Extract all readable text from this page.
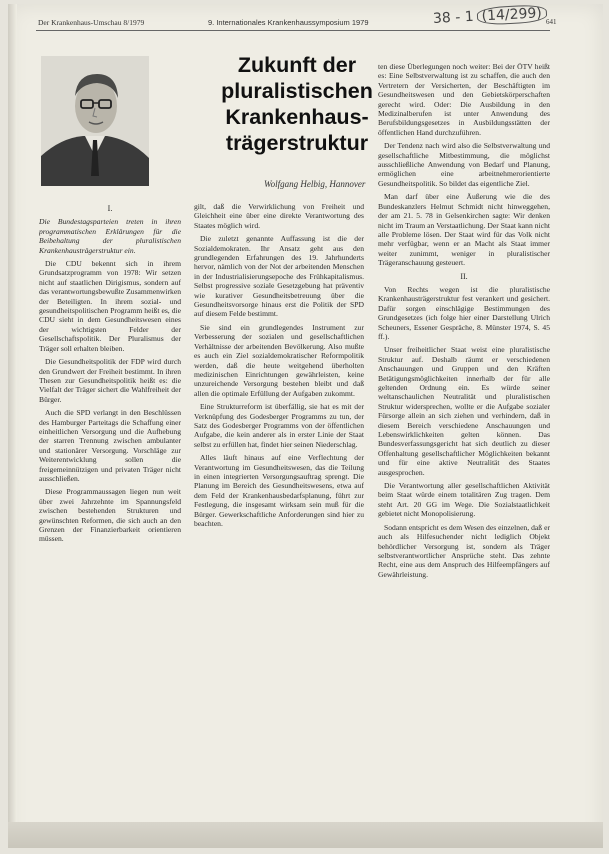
Der Krankenhaus-Umschau 8/1979	9. Internationales Krankenhaussymposium 1979	641
38 - 1 (14/299)
Zukunft der
pluralistischen
Krankenhaus-
trägerstruktur
Wolfgang Helbig, Hannover
I.

Die Bundestagsparteien treten in ihren programmatischen Erklärungen für die Beibehaltung der pluralistischen Krankenhausträgerstruktur ein.

Die CDU bekennt sich in ihrem Grundsatzprogramm von 1978: Wir setzen nicht auf staatlichen Dirigismus, sondern auf das verantwortungsbewußte Zusammenwirken der Beteiligten. In ihrem sozial- und gesundheitspolitischen Programm heißt es, die CDU sieht in dem Gesundheitswesen eines der wichtigsten Felder der Gesellschaftspolitik. Der Pluralismus der Träger soll erhalten bleiben.

Die Gesundheitspolitik der FDP wird durch den Grundwert der Freiheit bestimmt. In ihren Thesen zur Gesundheitspolitik heißt es: die Vielfalt der Träger sichert die Wahlfreiheit der Bürger.

Auch die SPD verlangt in den Beschlüssen des Hamburger Parteitags die Schaffung einer einheitlichen Versorgung und die Aufhebung der starren Trennung zwischen ambulanter und stationärer Versorgung. Vorschläge zur Weiterentwicklung sollen die freigemeinnützigen und privaten Träger nicht ausschließen.

Diese Programmaussagen liegen nun weit über zwei Jahrzehnte im Spannungsfeld zwischen bestehenden Strukturen und gewünschten Reformen, die sich auch an den Grenzen der Finanzierbarkeit orientieren müssen.

gilt, daß die Verwirklichung von Freiheit und Gleichheit eine über eine direkte Verantwortung des Staates möglich wird.

Die zuletzt genannte Auffassung ist die der Sozialdemokraten. Ihr Ansatz geht aus den grundlegenden Erfahrungen des 19. Jahrhunderts hervor, nämlich von der Not der arbeitenden Menschen in der Industrialisierungsepoche des Frühkapitalismus. Selbst progressive soziale Gesetzgebung hat präventiv wie kurativer Gesundheitsbetreuung über die Gesundheitsvorsorge hinaus erst die Politik der SPD auf diesem Felde bestimmt.

Sie sind ein grundlegendes Instrument zur Verbesserung der sozialen und gesellschaftlichen Verhältnisse der arbeitenden Bevölkerung. Also mußte es auch ein Ziel sozialdemokratischer Reformpolitik werden, daß die heute weitgehend überholten medizinischen Einrichtungen gewährleisten, keine unzureichende Versorgung bestehen bleibt und daß allen die optimale Erfüllung der Aufgaben zukommt.

Eine Strukturreform ist überfällig, sie hat es mit der Verknüpfung des Godesberger Programms zu tun, der Satz des Godesberger Programms von der öffentlichen Aufgabe, die kein anderer als in erster Linie der Staat selbst zu erfüllen hat, findet hier seinen Niederschlag.

Alles läuft hinaus auf eine Verflechtung der Verantwortung im Gesundheitswesen, das die Teilung in einen integrierten Versorgungsauftrag sprengt. Die Planung im Bereich des Gesundheitswesens, etwa auf dem Feld der Krankenhausbedarfsplanung, führt zur Festlegung, die insgesamt wirksam sein muß für die Bürger. Gewerkschaftliche Anforderungen sind hier zu beachten.

ten diese Überlegungen noch weiter: Bei der ÖTV heißt es: Eine Selbstverwaltung ist zu schaffen, die auch den Vertretern der Versicherten, der Beschäftigten im Gesundheitswesen und den Gebietskörperschaften gerecht wird. Oder: Die Ausbildung in den Medizinalberufen ist unter Anwendung des Berufsbildungsgesetzes in Ausbildungsstätten der öffentlichen Hand durchzuführen.

Der Tendenz nach wird also die Selbstverwaltung und gesellschaftliche Mitbestimmung, die möglichst ausschließliche Anwendung von Bedarf und Planung, ermöglichen eine arbeitnehmerorientierte Gesundheitspolitik. So bildet das eigentliche Ziel.

Man darf über eine Äußerung wie die des Bundeskanzlers Helmut Schmidt nicht hinweggehen, der am 21. 5. 78 in Gelsenkirchen sagte: Wir denken nicht im Traum an Verstaatlichung. Der Staat kann nicht alle Probleme lösen. Der Staat wird für das Volk nicht mehr verfügbar, wenn er an Macht als Staat immer weiter zunimmt, weniger in pluralistischer Trägeranschauung gesteuert.

II.

Von Rechts wegen ist die pluralistische Krankenhausträgerstruktur fest verankert und gesichert. Dafür sorgen einschlägige Bestimmungen des Grundgesetzes (ich folge hier einer Darstellung Ulrich Scheuners, Essener Gespräche, 8. Münster 1974, S. 45 ff.).

Unser freiheitlicher Staat weist eine pluralistische Struktur auf. Deshalb räumt er verschiedenen Anschauungen und Gruppen und den Kräften Betätigungsmöglichkeiten innerhalb der für alle geltenden Ordnung ein. Es würde seiner weltanschaulichen Neutralität und pluralistischen Struktur widersprechen, wollte er die Aufgabe sozialer Fürsorge allein an sich ziehen und verhindern, daß in diesem Bereich verschiedene Anschauungen und Lebenswirklichkeiten gelten können. Das Bundesverfassungsgericht hat sich deutlich zu dieser Offenhaltung gesellschaftlicher Möglichkeiten bekannt und für eine aktive Neutralität des Staates ausgesprochen.

Die Verantwortung aller gesellschaftlichen Aktivität beim Staat würde einem totalitären Zug tragen. Dem steht Art. 20 GG im Wege. Die Sozialstaatlichkeit gebietet nicht Monopolisierung.

Sodann entspricht es dem Wesen des einzelnen, daß er auch als Hilfesuchender nicht lediglich Objekt behördlicher Versorgung ist, sondern als Träger selbstverantwortlicher Ansprüche steht. Das zehnte Recht, eine aus dem Anspruch des Hilfeempfängers auf Gewährleistung.
